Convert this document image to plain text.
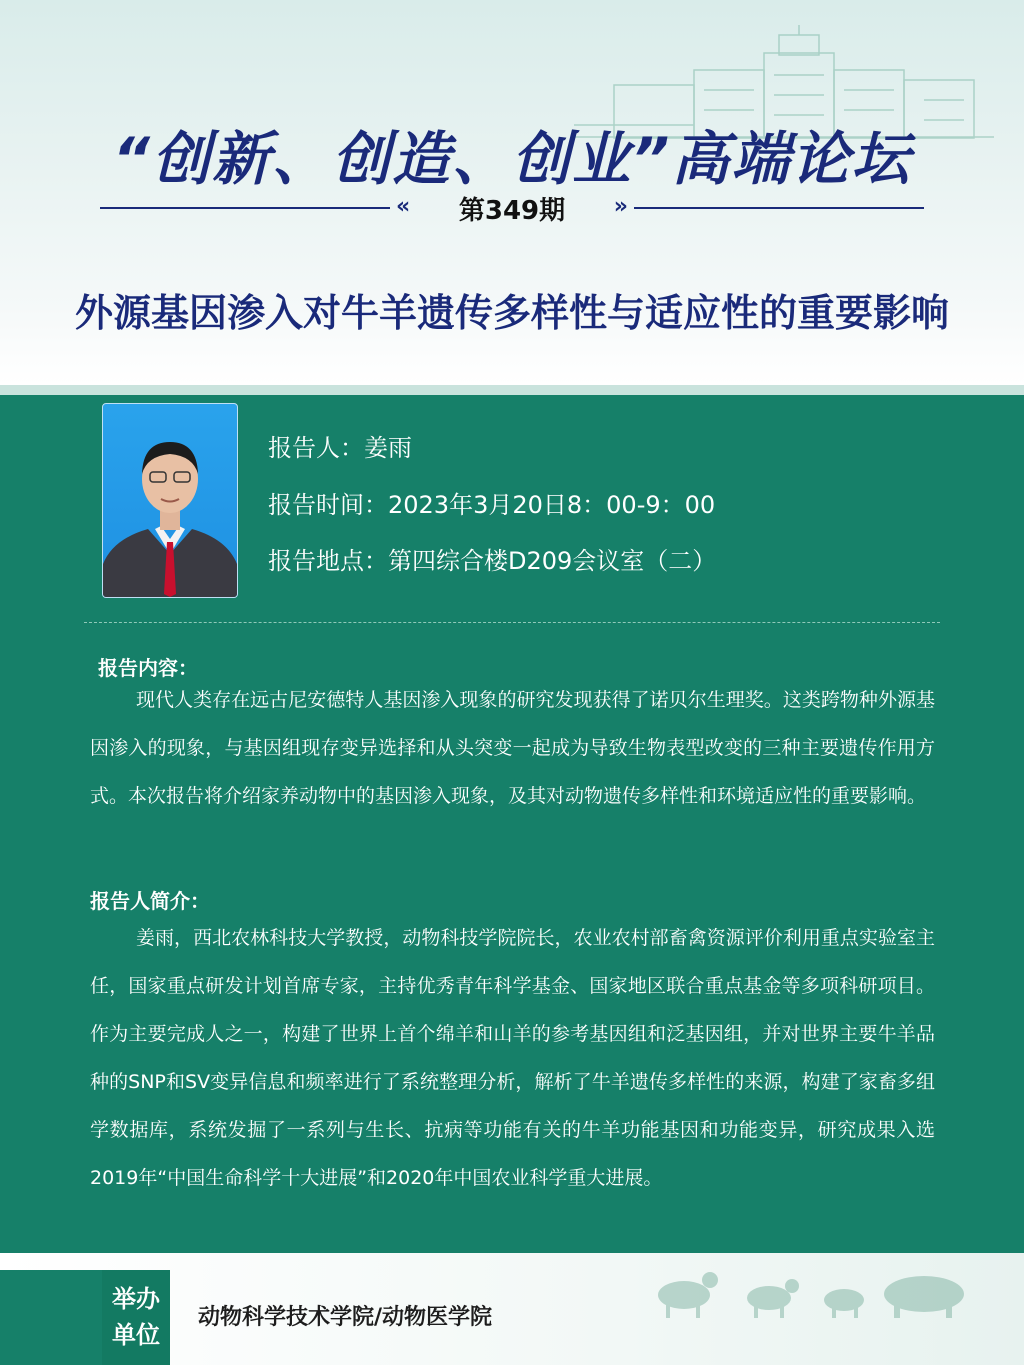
“创新、创造、创业”高端论坛
«	第349期	»
外源基因渗入对牛羊遗传多样性与适应性的重要影响
报告人：姜雨
报告时间：2023年3月20日8：00-9：00
报告地点：第四综合楼D209会议室（二）
报告内容：
现代人类存在远古尼安德特人基因渗入现象的研究发现获得了诺贝尔生理奖。这类跨物种外源基因渗入的现象，与基因组现存变异选择和从头突变一起成为导致生物表型改变的三种主要遗传作用方式。本次报告将介绍家养动物中的基因渗入现象，及其对动物遗传多样性和环境适应性的重要影响。
报告人简介：
姜雨，西北农林科技大学教授，动物科技学院院长，农业农村部畜禽资源评价利用重点实验室主任，国家重点研发计划首席专家，主持优秀青年科学基金、国家地区联合重点基金等多项科研项目。作为主要完成人之一，构建了世界上首个绵羊和山羊的参考基因组和泛基因组，并对世界主要牛羊品种的SNP和SV变异信息和频率进行了系统整理分析，解析了牛羊遗传多样性的来源，构建了家畜多组学数据库，系统发掘了一系列与生长、抗病等功能有关的牛羊功能基因和功能变异，研究成果入选2019年“中国生命科学十大进展”和2020年中国农业科学重大进展。
举办
单位
动物科学技术学院/动物医学院
